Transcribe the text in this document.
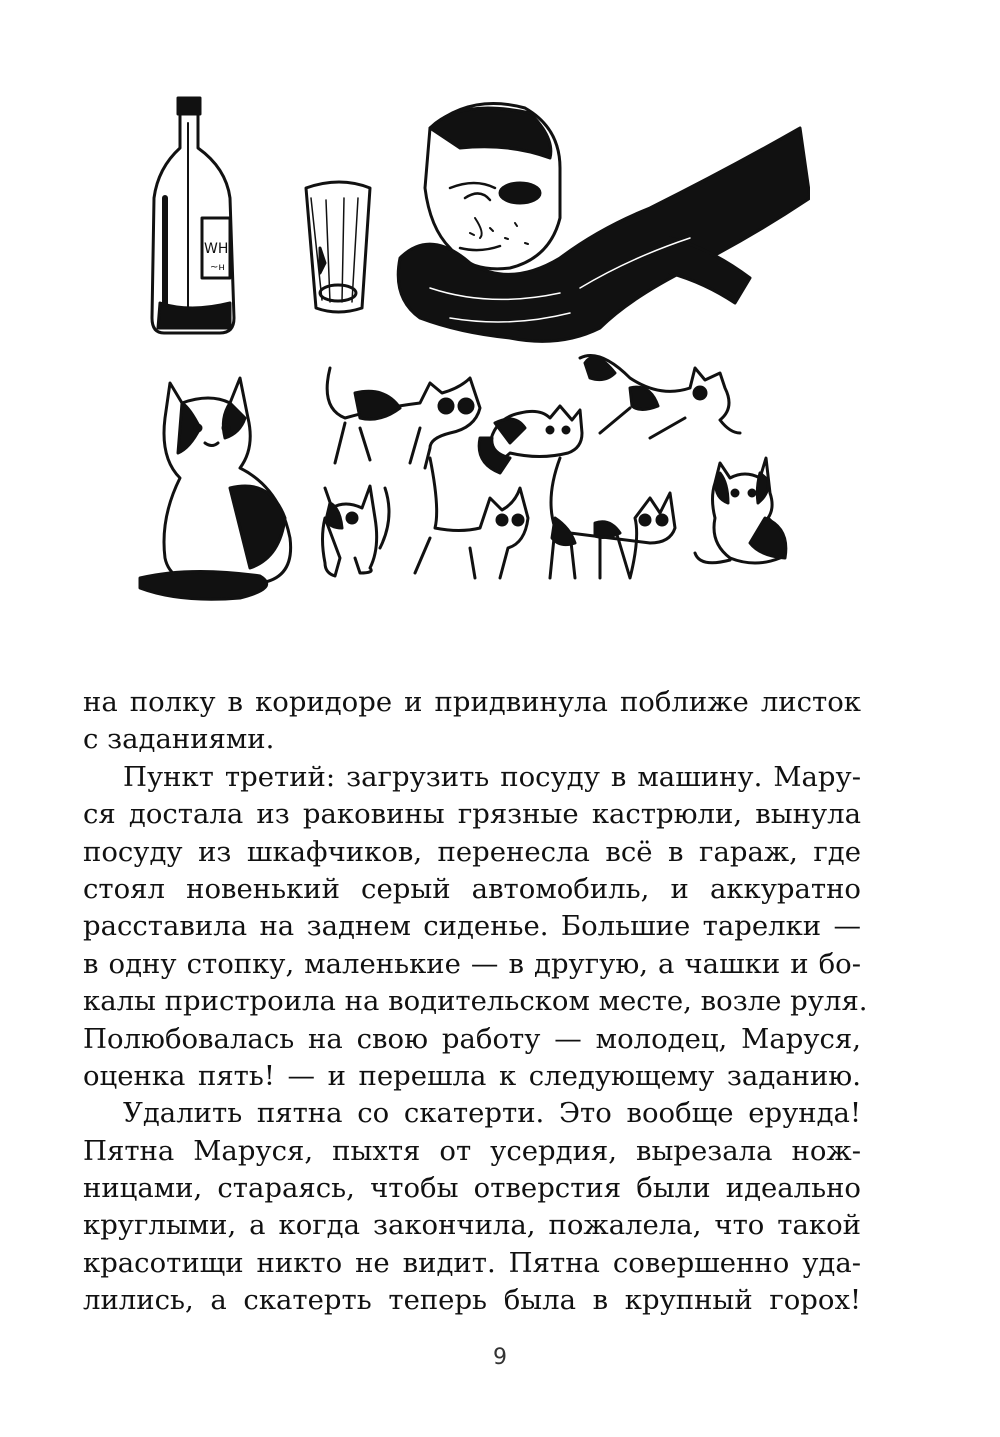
WH
~н
на полку в коридоре и придвинула поближе листок
с заданиями.
Пункт третий: загрузить посуду в машину. Мару-
ся достала из раковины грязные кастрюли, вынула
посуду из шкафчиков, перенесла всё в гараж, где
стоял новенький серый автомобиль, и аккуратно
расставила на заднем сиденье. Большие тарелки —
в одну стопку, маленькие — в другую, а чашки и бо-
калы пристроила на водительском месте, возле руля.
Полюбовалась на свою работу — молодец, Маруся,
оценка пять! — и перешла к следующему заданию.
Удалить пятна со скатерти. Это вообще ерунда!
Пятна Маруся, пыхтя от усердия, вырезала нож-
ницами, стараясь, чтобы отверстия были идеально
круглыми, а когда закончила, пожалела, что такой
красотищи никто не видит. Пятна совершенно уда-
лились, а скатерть теперь была в крупный горох!
9
